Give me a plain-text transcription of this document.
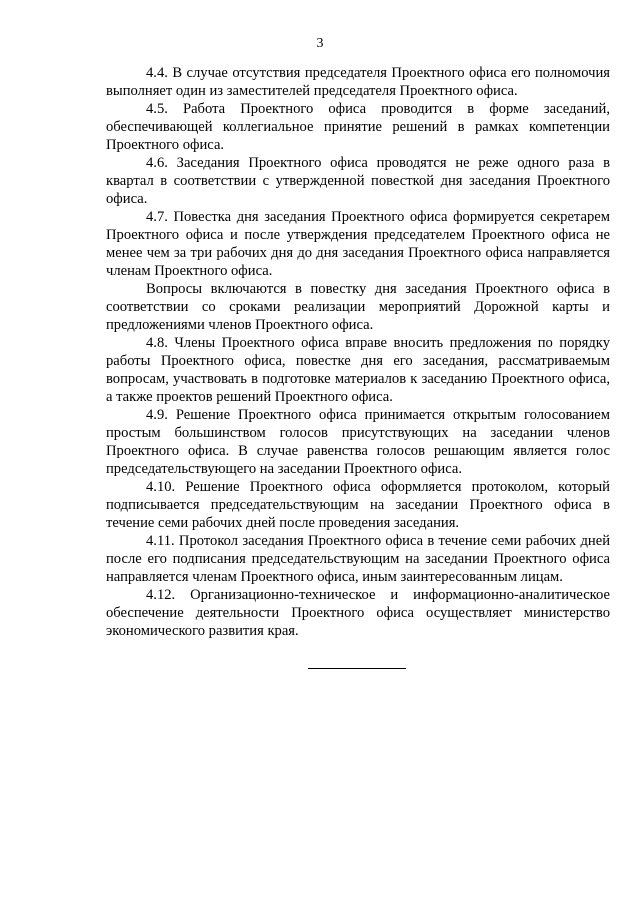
3

4.4. В случае отсутствия председателя Проектного офиса его полномочия выполняет один из заместителей председателя Проектного офиса.

4.5. Работа Проектного офиса проводится в форме заседаний, обеспечивающей коллегиальное принятие решений в рамках компетенции Проектного офиса.

4.6. Заседания Проектного офиса проводятся не реже одного раза в квартал в соответствии с утвержденной повесткой дня заседания Проектного офиса.

4.7. Повестка дня заседания Проектного офиса формируется секретарем Проектного офиса и после утверждения председателем Проектного офиса не менее чем за три рабочих дня до дня заседания Проектного офиса направляется членам Проектного офиса.

Вопросы включаются в повестку дня заседания Проектного офиса в соответствии со сроками реализации мероприятий Дорожной карты и предложениями членов Проектного офиса.

4.8. Члены Проектного офиса вправе вносить предложения по порядку работы Проектного офиса, повестке дня его заседания, рассматриваемым вопросам, участвовать в подготовке материалов к заседанию Проектного офиса, а также проектов решений Проектного офиса.

4.9. Решение Проектного офиса принимается открытым голосованием простым большинством голосов присутствующих на заседании членов Проектного офиса. В случае равенства голосов решающим является голос председательствующего на заседании Проектного офиса.

4.10. Решение Проектного офиса оформляется протоколом, который подписывается председательствующим на заседании Проектного офиса в течение семи рабочих дней после проведения заседания.

4.11. Протокол заседания Проектного офиса в течение семи рабочих дней после его подписания председательствующим на заседании Проектного офиса направляется членам Проектного офиса, иным заинтересованным лицам.

4.12. Организационно-техническое и информационно-аналитическое обеспечение деятельности Проектного офиса осуществляет министерство экономического развития края.
